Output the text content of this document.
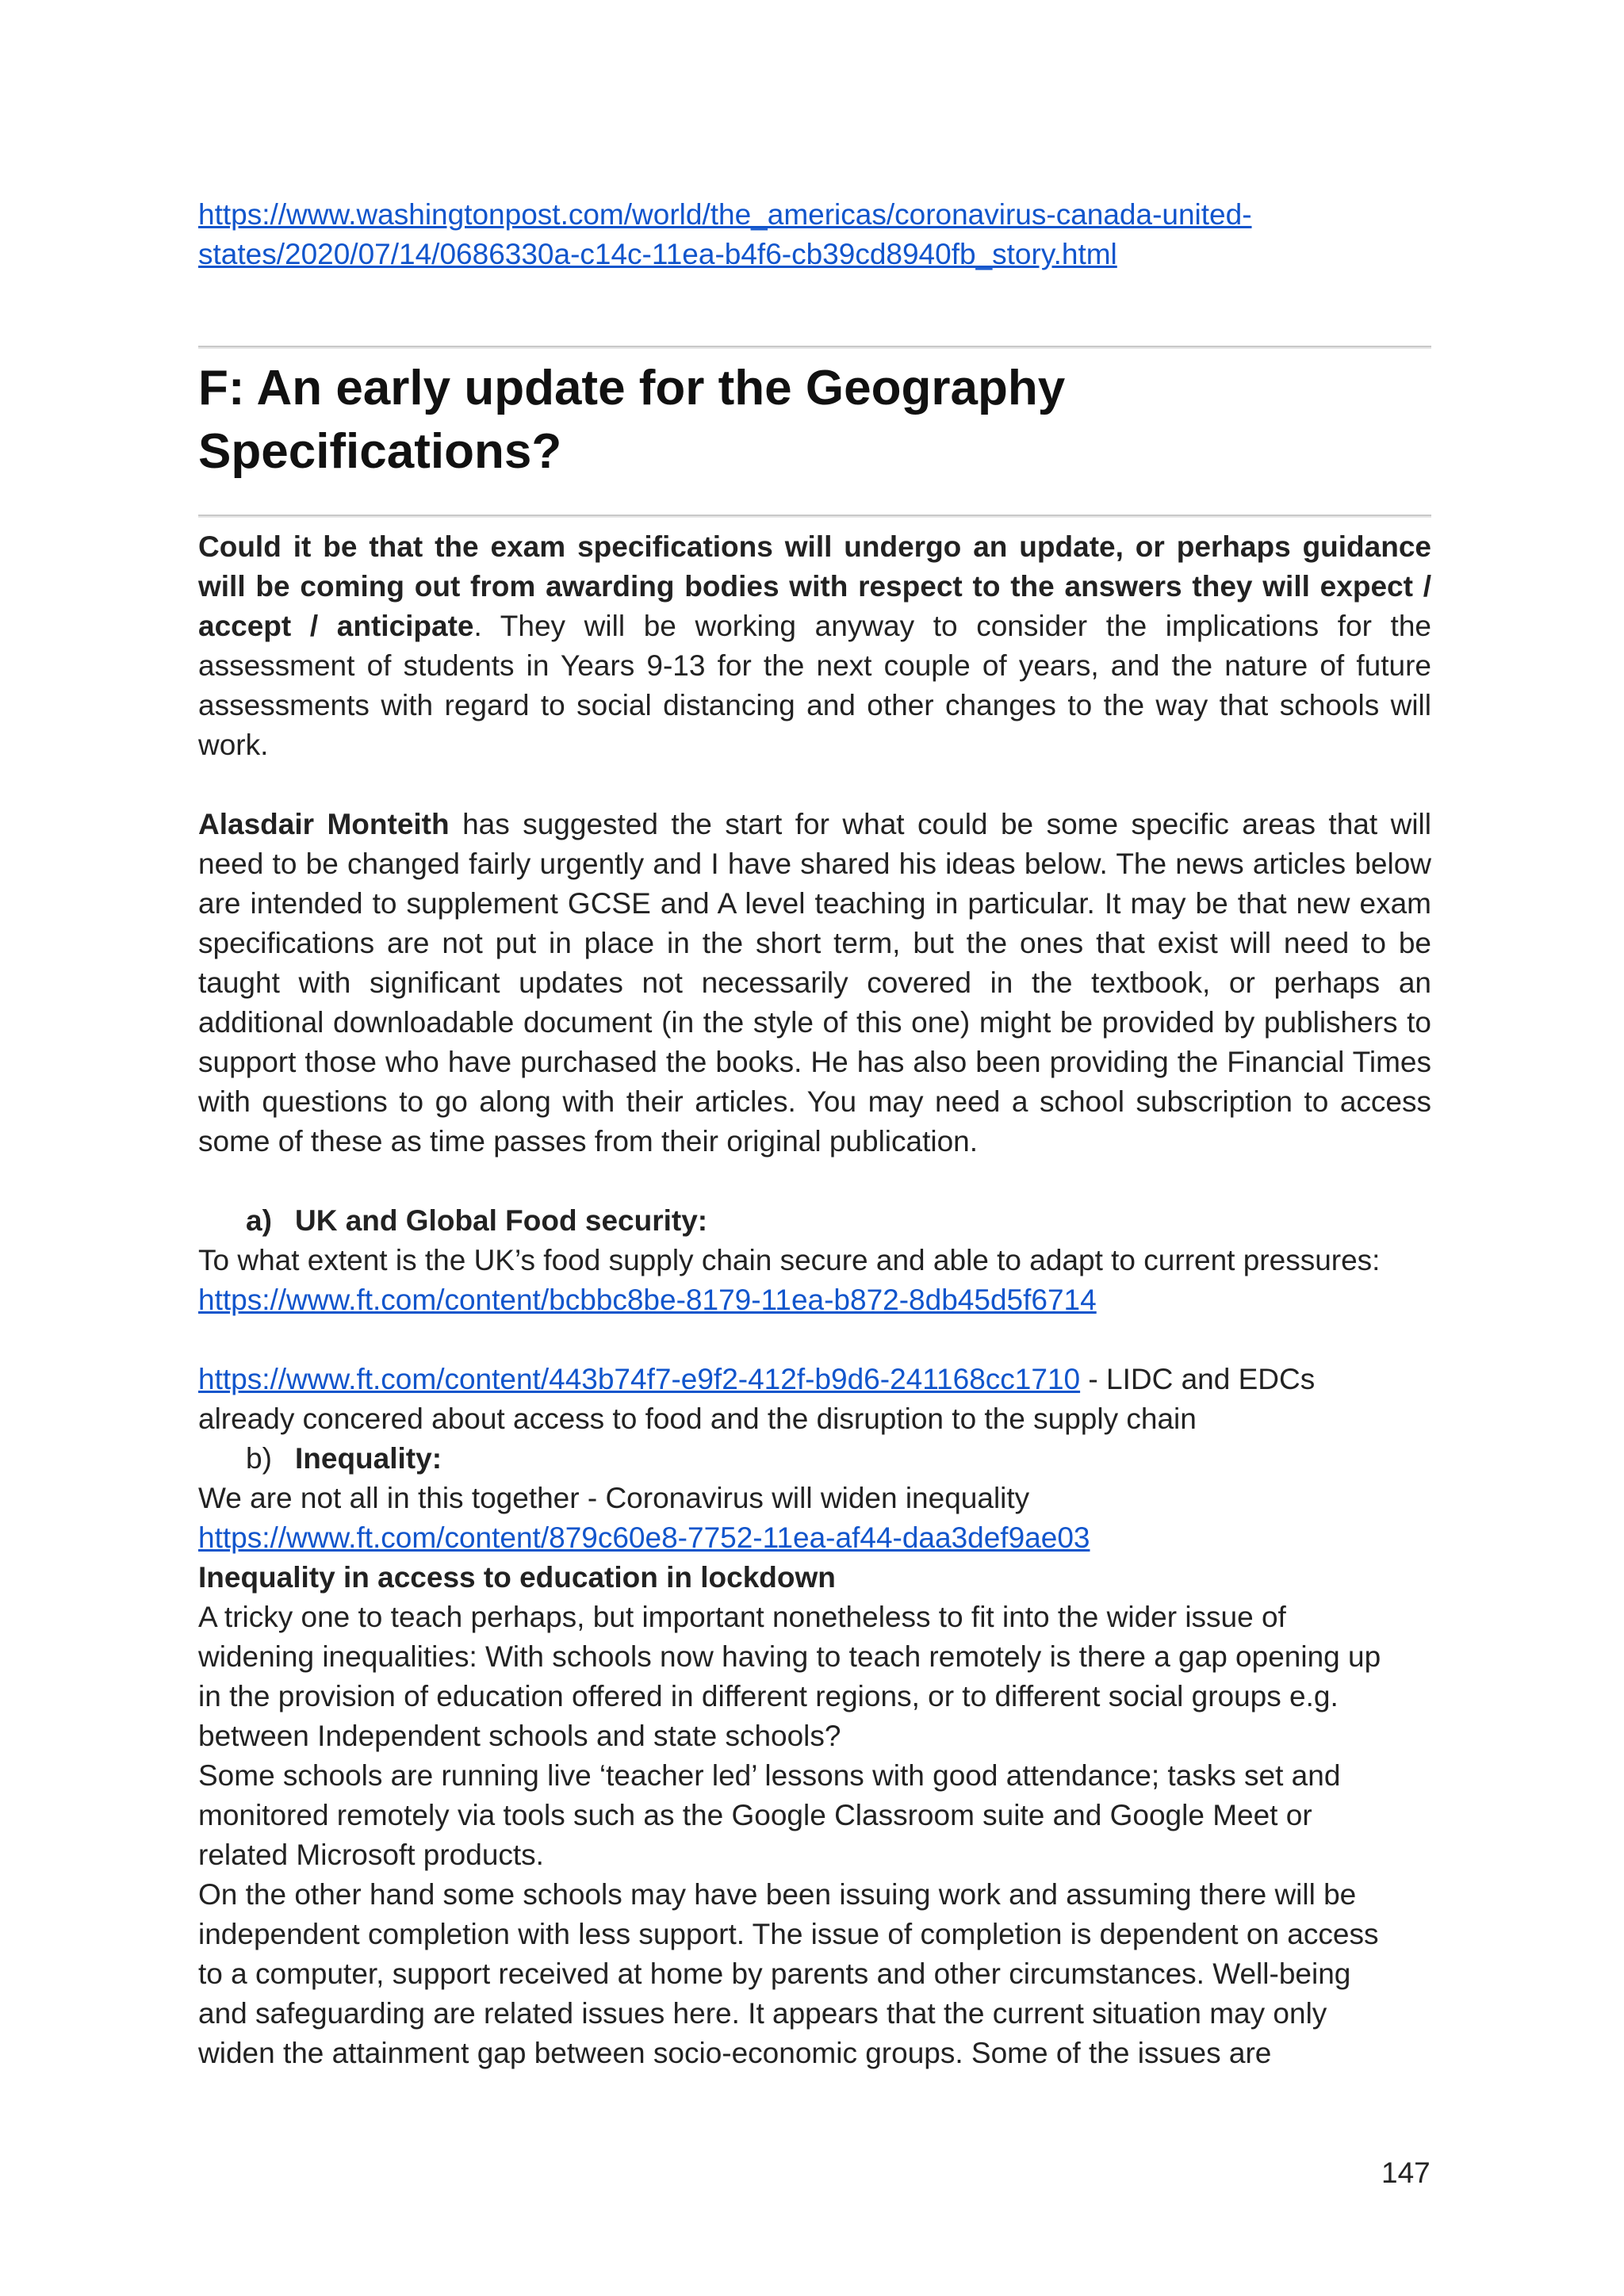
https://www.washingtonpost.com/world/the_americas/coronavirus-canada-united-
states/2020/07/14/0686330a-c14c-11ea-b4f6-cb39cd8940fb_story.html
F: An early update for the Geography
Specifications?

Could it be that the exam specifications will undergo an update, or perhaps guidance will be coming out from awarding bodies with respect to the answers they will expect / accept / anticipate. They will be working anyway to consider the implications for the assessment of students in Years 9-13 for the next couple of years, and the nature of future assessments with regard to social distancing and other changes to the way that schools will work.

Alasdair Monteith has suggested the start for what could be some specific areas that will need to be changed fairly urgently and I have shared his ideas below. The news articles below are intended to supplement GCSE and A level teaching in particular. It may be that new exam specifications are not put in place in the short term, but the ones that exist will need to be taught with significant updates not necessarily covered in the textbook, or perhaps an additional downloadable document (in the style of this one) might be provided by publishers to support those who have purchased the books. He has also been providing the Financial Times with questions to go along with their articles. You may need a school subscription to access some of these as time passes from their original publication.

a) UK and Global Food security:
To what extent is the UK’s food supply chain secure and able to adapt to current pressures:
https://www.ft.com/content/bcbbc8be-8179-11ea-b872-8db45d5f6714
https://www.ft.com/content/443b74f7-e9f2-412f-b9d6-241168cc1710 - LIDC and EDCs
already concered about access to food and the disruption to the supply chain
b) Inequality:
We are not all in this together - Coronavirus will widen inequality
https://www.ft.com/content/879c60e8-7752-11ea-af44-daa3def9ae03
Inequality in access to education in lockdown
A tricky one to teach perhaps, but important nonetheless to fit into the wider issue of
widening inequalities: With schools now having to teach remotely is there a gap opening up
in the provision of education offered in different regions, or to different social groups e.g.
between Independent schools and state schools?
Some schools are running live ‘teacher led’ lessons with good attendance; tasks set and
monitored remotely via tools such as the Google Classroom suite and Google Meet or
related Microsoft products.
On the other hand some schools may have been issuing work and assuming there will be
independent completion with less support. The issue of completion is dependent on access
to a computer, support received at home by parents and other circumstances. Well-being
and safeguarding are related issues here. It appears that the current situation may only
widen the attainment gap between socio-economic groups. Some of the issues are
147
